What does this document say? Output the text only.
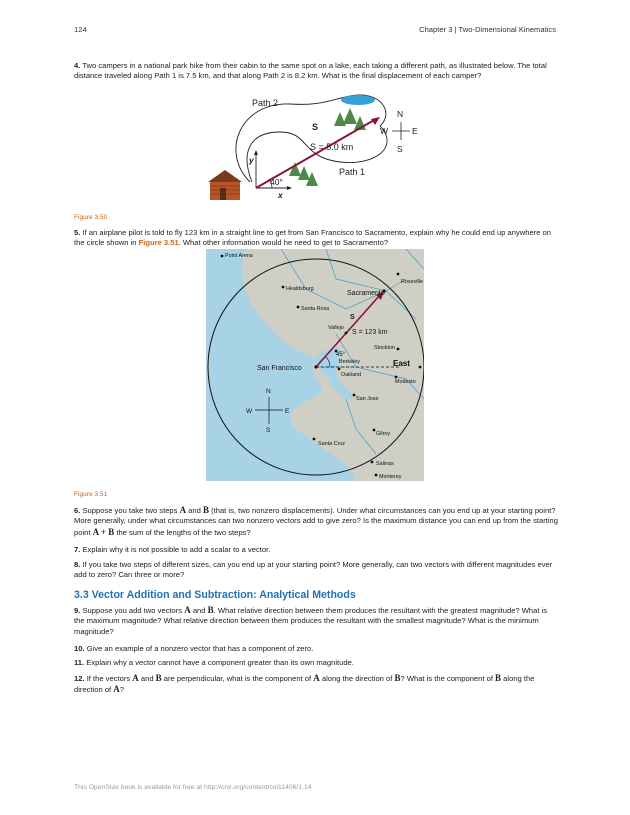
124	Chapter 3 | Two-Dimensional Kinematics
4. Two campers in a national park hike from their cabin to the same spot on a lake, each taking a different path, as illustrated below. The total distance traveled along Path 1 is 7.5 km, and that along Path 2 is 8.2 km. What is the final displacement of each camper?
Path 2
Path 1
S
S = 5.0 km
40°
y
x
N
S
E
W
Figure 3.50
5. If an airplane pilot is told to fly 123 km in a straight line to get from San Francisco to Sacramento, explain why he could end up anywhere on the circle shown in Figure 3.51. What other information would he need to get to Sacramento?
Point Arena
Healdsburg
Santa Rosa
Roseville
Vallejo
Berkeley
Oakland
Stockton
Modesto
San Jose
Gilroy
Santa Cruz
Salinas
Monterey
Sacramento
San Francisco
S
S = 123 km
45°
East
N
S
E
W
Figure 3.51
6. Suppose you take two steps A and B (that is, two nonzero displacements). Under what circumstances can you end up at your starting point? More generally, under what circumstances can two nonzero vectors add to give zero? Is the maximum distance you can end up from the starting point A + B the sum of the lengths of the two steps?
7. Explain why it is not possible to add a scalar to a vector.
8. If you take two steps of different sizes, can you end up at your starting point? More generally, can two vectors with different magnitudes ever add to zero? Can three or more?
3.3 Vector Addition and Subtraction: Analytical Methods
9. Suppose you add two vectors A and B. What relative direction between them produces the resultant with the greatest magnitude? What is the maximum magnitude? What relative direction between them produces the resultant with the smallest magnitude? What is the minimum magnitude?
10. Give an example of a nonzero vector that has a component of zero.
11. Explain why a vector cannot have a component greater than its own magnitude.
12. If the vectors A and B are perpendicular, what is the component of A along the direction of B? What is the component of B along the direction of A?
This OpenStax book is available for free at http://cnx.org/content/col11406/1.14
